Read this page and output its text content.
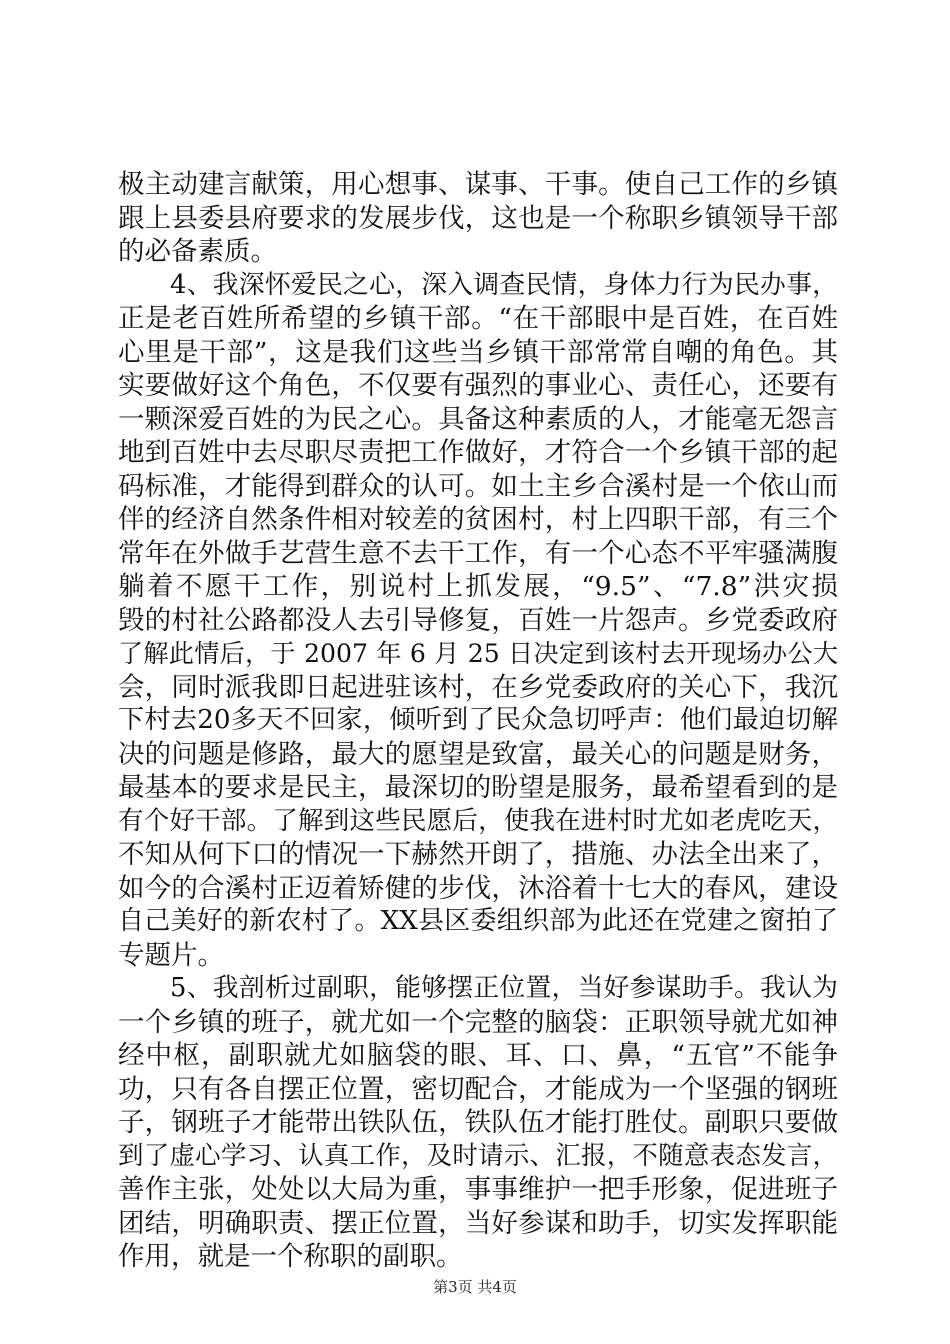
极主动建言献策，用心想事、谋事、干事。使自己工作的乡镇
跟上县委县府要求的发展步伐，这也是一个称职乡镇领导干部
的必备素质。
4、我深怀爱民之心，深入调查民情，身体力行为民办事，
正是老百姓所希望的乡镇干部。“在干部眼中是百姓，在百姓
心里是干部”，这是我们这些当乡镇干部常常自嘲的角色。其
实要做好这个角色，不仅要有强烈的事业心、责任心，还要有
一颗深爱百姓的为民之心。具备这种素质的人，才能毫无怨言
地到百姓中去尽职尽责把工作做好，才符合一个乡镇干部的起
码标准，才能得到群众的认可。如土主乡合溪村是一个依山而
伴的经济自然条件相对较差的贫困村，村上四职干部，有三个
常年在外做手艺营生意不去干工作，有一个心态不平牢骚满腹
躺着不愿干工作，别说村上抓发展，“9.5”、“7.8”洪灾损
毁的村社公路都没人去引导修复，百姓一片怨声。乡党委政府
了解此情后，于 2007 年 6 月 25 日决定到该村去开现场办公大
会，同时派我即日起进驻该村，在乡党委政府的关心下，我沉
下村去20多天不回家，倾听到了民众急切呼声：他们最迫切解
决的问题是修路，最大的愿望是致富，最关心的问题是财务，
最基本的要求是民主，最深切的盼望是服务，最希望看到的是
有个好干部。了解到这些民愿后，使我在进村时尤如老虎吃天，
不知从何下口的情况一下赫然开朗了，措施、办法全出来了，
如今的合溪村正迈着矫健的步伐，沐浴着十七大的春风，建设
自己美好的新农村了。XX县区委组织部为此还在党建之窗拍了
专题片。
5、我剖析过副职，能够摆正位置，当好参谋助手。我认为
一个乡镇的班子，就尤如一个完整的脑袋：正职领导就尤如神
经中枢，副职就尤如脑袋的眼、耳、口、鼻，“五官”不能争
功，只有各自摆正位置，密切配合，才能成为一个坚强的钢班
子，钢班子才能带出铁队伍，铁队伍才能打胜仗。副职只要做
到了虚心学习、认真工作，及时请示、汇报，不随意表态发言，
善作主张，处处以大局为重，事事维护一把手形象，促进班子
团结，明确职责、摆正位置，当好参谋和助手，切实发挥职能
作用，就是一个称职的副职。
第3页 共4页
